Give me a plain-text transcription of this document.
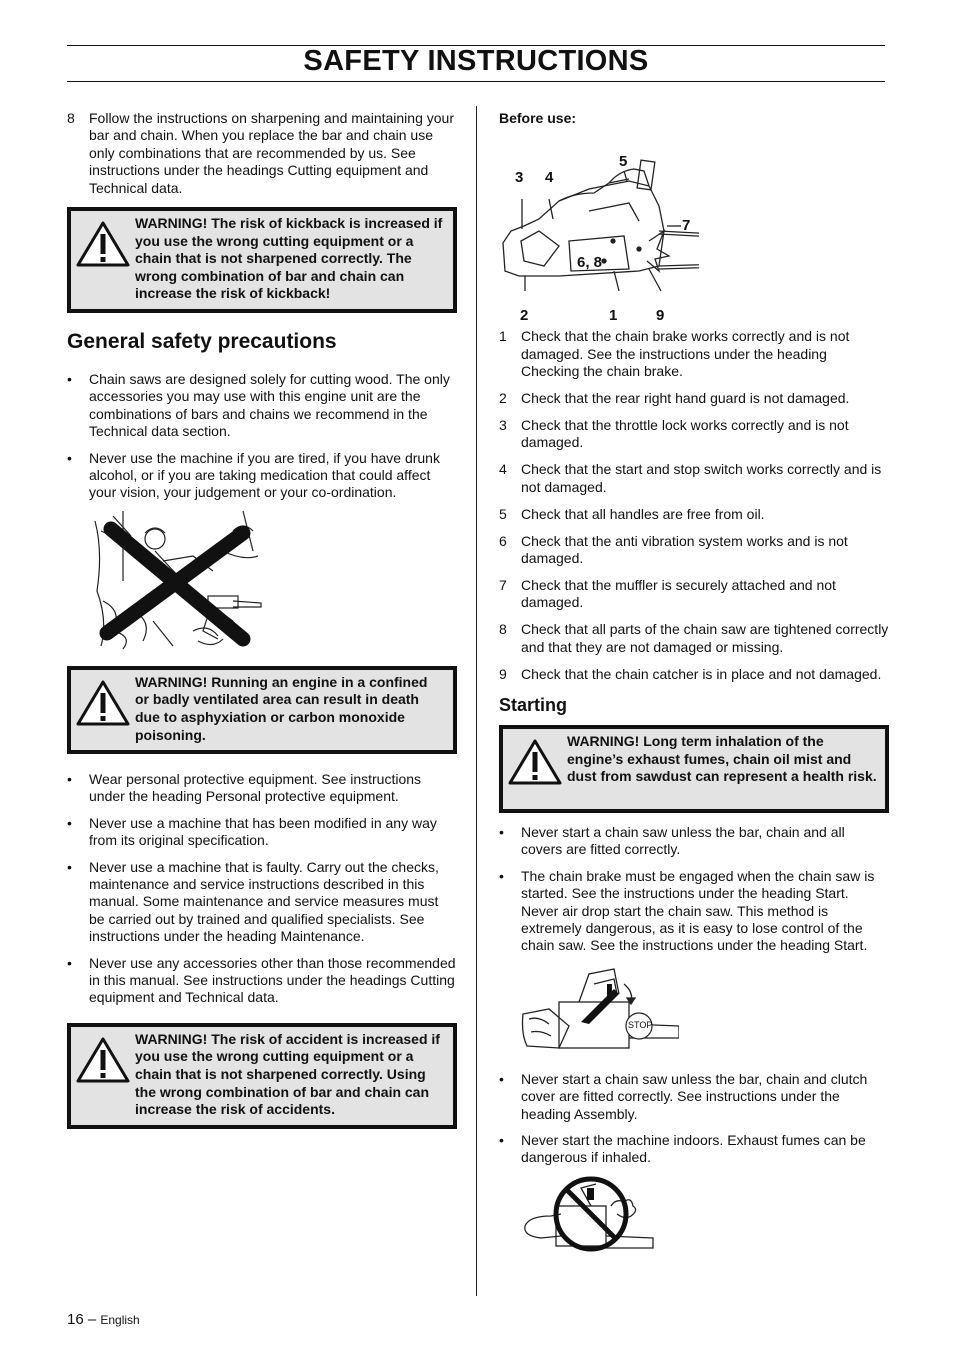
SAFETY INSTRUCTIONS
8	Follow the instructions on sharpening and maintaining your bar and chain. When you replace the bar and chain use only combinations that are recommended by us. See instructions under the headings Cutting equipment and Technical data.
WARNING! The risk of kickback is increased if you use the wrong cutting equipment or a chain that is not sharpened correctly. The wrong combination of bar and chain can increase the risk of kickback!
General safety precautions
•	Chain saws are designed solely for cutting wood. The only accessories you may use with this engine unit are the combinations of bars and chains we recommend in the Technical data section.
•	Never use the machine if you are tired, if you have drunk alcohol, or if you are taking medication that could affect your vision, your judgement or your co-ordination.
WARNING! Running an engine in a confined or badly ventilated area can result in death due to asphyxiation or carbon monoxide poisoning.
•	Wear personal protective equipment. See instructions under the heading Personal protective equipment.
•	Never use a machine that has been modified in any way from its original specification.
•	Never use a machine that is faulty. Carry out the checks, maintenance and service instructions described in this manual. Some maintenance and service measures must be carried out by trained and qualified specialists. See instructions under the heading Maintenance.
•	Never use any accessories other than those recommended in this manual. See instructions under the headings Cutting equipment and Technical data.
WARNING! The risk of accident is increased if you use the wrong cutting equipment or a chain that is not sharpened correctly. Using the wrong combination of bar and chain can increase the risk of accidents.
Before use:
3 4
5
7
6, 8
2	1	9
1	Check that the chain brake works correctly and is not damaged. See the instructions under the heading Checking the chain brake.
2	Check that the rear right hand guard is not damaged.
3	Check that the throttle lock works correctly and is not damaged.
4	Check that the start and stop switch works correctly and is not damaged.
5	Check that all handles are free from oil.
6	Check that the anti vibration system works and is not damaged.
7	Check that the muffler is securely attached and not damaged.
8	Check that all parts of the chain saw are tightened correctly and that they are not damaged or missing.
9	Check that the chain catcher is in place and not damaged.
Starting
WARNING! Long term inhalation of the engine’s exhaust fumes, chain oil mist and dust from sawdust can represent a health risk.
•	Never start a chain saw unless the bar, chain and all covers are fitted correctly.
•	The chain brake must be engaged when the chain saw is started. See the instructions under the heading Start. Never air drop start the chain saw. This method is extremely dangerous, as it is easy to lose control of the chain saw. See the instructions under the heading Start.
STOP
•	Never start a chain saw unless the bar, chain and clutch cover are fitted correctly. See instructions under the heading Assembly.
•	Never start the machine indoors. Exhaust fumes can be dangerous if inhaled.
16 – English
